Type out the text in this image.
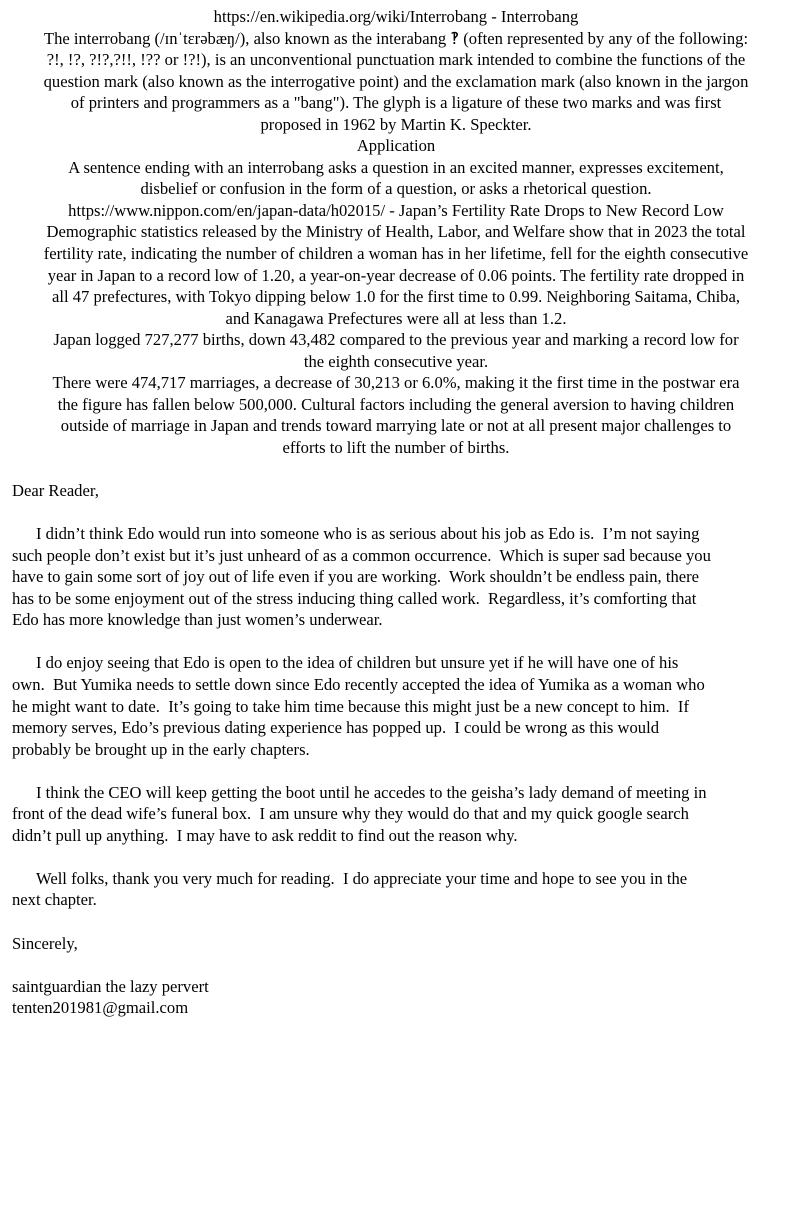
https://en.wikipedia.org/wiki/Interrobang - Interrobang
The interrobang (/ɪnˈtɛrəbæŋ/), also known as the interabang ‽ (often represented by any of the following:
?!, !?, ?!?,?!!, !?? or !?!), is an unconventional punctuation mark intended to combine the functions of the
question mark (also known as the interrogative point) and the exclamation mark (also known in the jargon
of printers and programmers as a "bang"). The glyph is a ligature of these two marks and was first
proposed in 1962 by Martin K. Speckter.
Application
A sentence ending with an interrobang asks a question in an excited manner, expresses excitement,
disbelief or confusion in the form of a question, or asks a rhetorical question.
https://www.nippon.com/en/japan-data/h02015/ - Japan’s Fertility Rate Drops to New Record Low
Demographic statistics released by the Ministry of Health, Labor, and Welfare show that in 2023 the total
fertility rate, indicating the number of children a woman has in her lifetime, fell for the eighth consecutive
year in Japan to a record low of 1.20, a year-on-year decrease of 0.06 points. The fertility rate dropped in
all 47 prefectures, with Tokyo dipping below 1.0 for the first time to 0.99. Neighboring Saitama, Chiba,
and Kanagawa Prefectures were all at less than 1.2.
Japan logged 727,277 births, down 43,482 compared to the previous year and marking a record low for
the eighth consecutive year.
There were 474,717 marriages, a decrease of 30,213 or 6.0%, making it the first time in the postwar era
the figure has fallen below 500,000. Cultural factors including the general aversion to having children
outside of marriage in Japan and trends toward marrying late or not at all present major challenges to
efforts to lift the number of births.
Dear Reader,
I didn’t think Edo would run into someone who is as serious about his job as Edo is.  I’m not saying
such people don’t exist but it’s just unheard of as a common occurrence.  Which is super sad because you
have to gain some sort of joy out of life even if you are working.  Work shouldn’t be endless pain, there
has to be some enjoyment out of the stress inducing thing called work.  Regardless, it’s comforting that
Edo has more knowledge than just women’s underwear.
I do enjoy seeing that Edo is open to the idea of children but unsure yet if he will have one of his
own.  But Yumika needs to settle down since Edo recently accepted the idea of Yumika as a woman who
he might want to date.  It’s going to take him time because this might just be a new concept to him.  If
memory serves, Edo’s previous dating experience has popped up.  I could be wrong as this would
probably be brought up in the early chapters.
I think the CEO will keep getting the boot until he accedes to the geisha’s lady demand of meeting in
front of the dead wife’s funeral box.  I am unsure why they would do that and my quick google search
didn’t pull up anything.  I may have to ask reddit to find out the reason why.
Well folks, thank you very much for reading.  I do appreciate your time and hope to see you in the
next chapter.
Sincerely,
saintguardian the lazy pervert
tenten201981@gmail.com
